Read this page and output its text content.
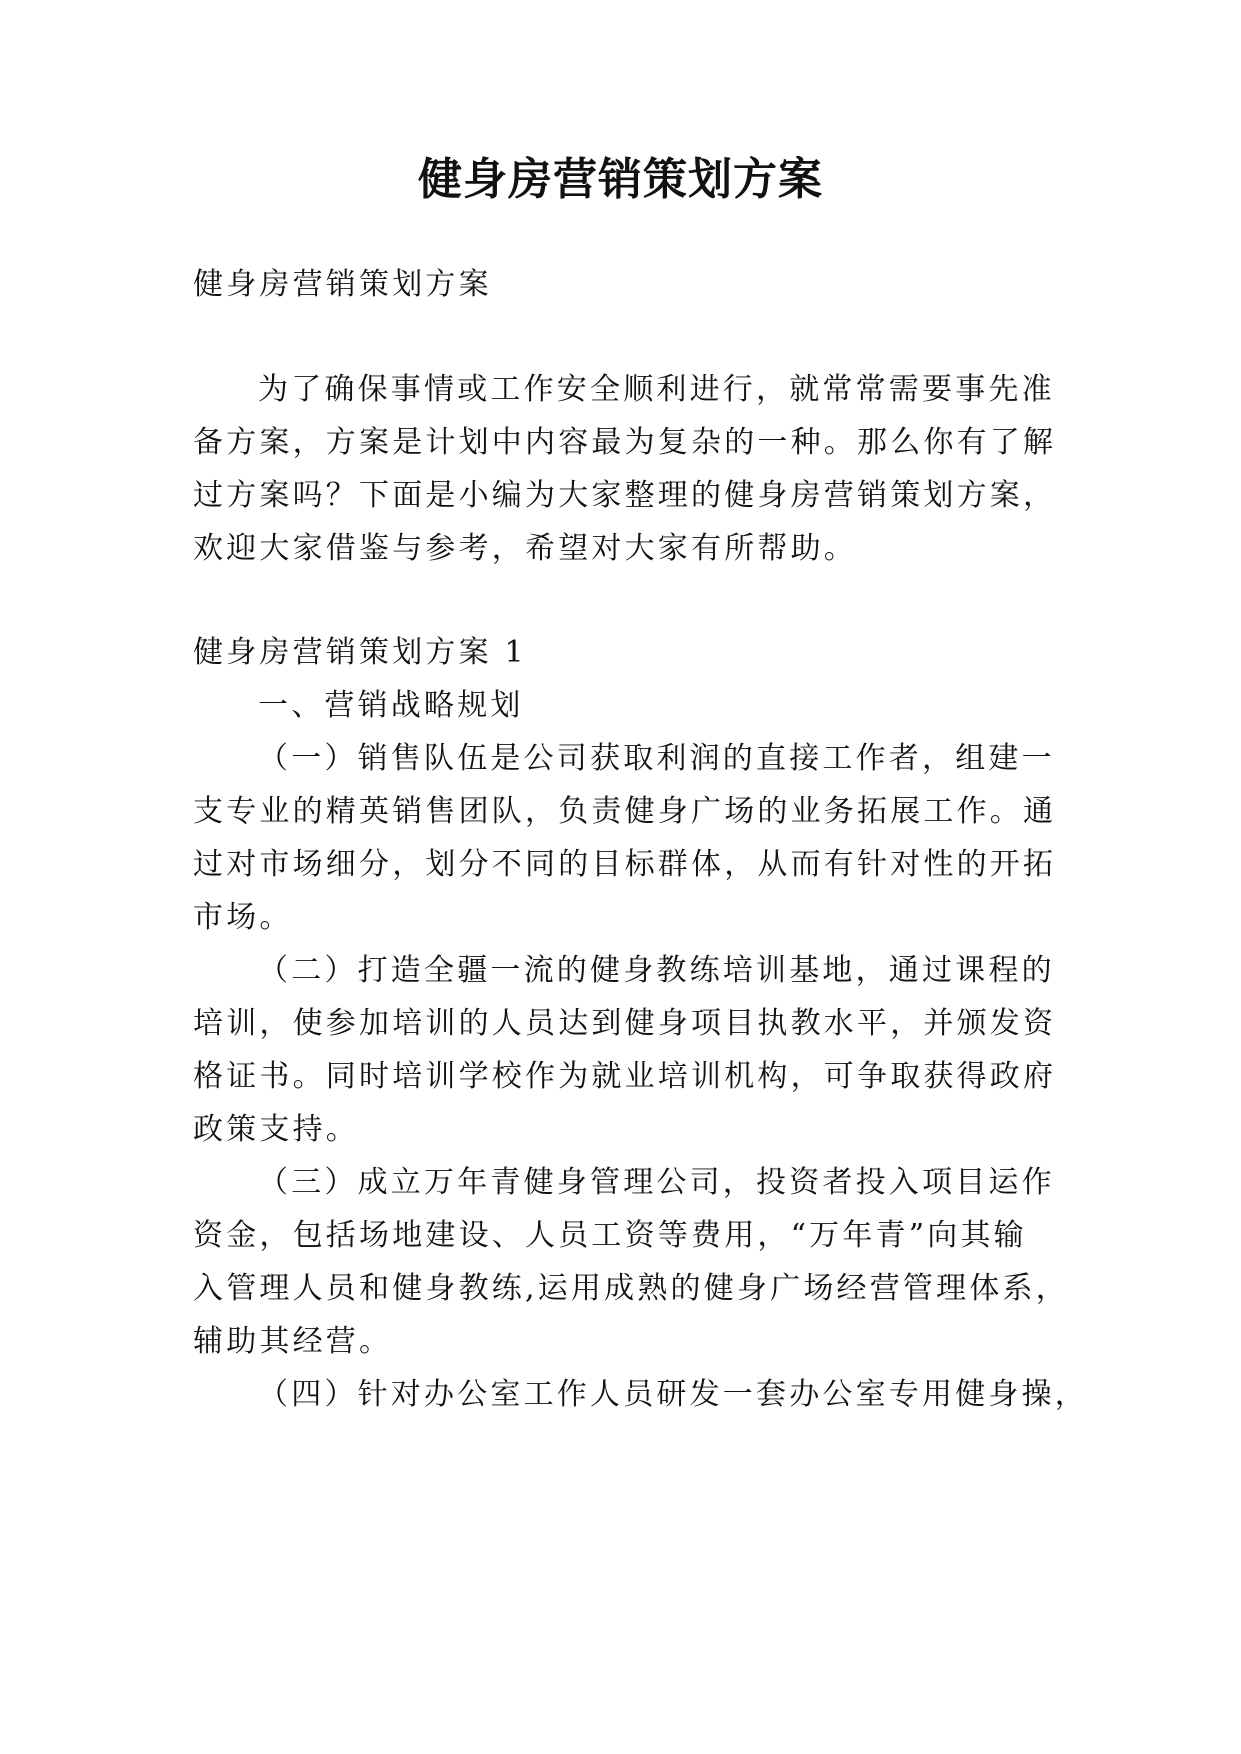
健身房营销策划方案
健身房营销策划方案
为了确保事情或工作安全顺利进行，就常常需要事先准
备方案，方案是计划中内容最为复杂的一种。那么你有了解
过方案吗？下面是小编为大家整理的健身房营销策划方案，
欢迎大家借鉴与参考，希望对大家有所帮助。
健身房营销策划方案 1
一、营销战略规划
（一）销售队伍是公司获取利润的直接工作者，组建一
支专业的精英销售团队，负责健身广场的业务拓展工作。通
过对市场细分，划分不同的目标群体，从而有针对性的开拓
市场。
（二）打造全疆一流的健身教练培训基地，通过课程的
培训，使参加培训的人员达到健身项目执教水平，并颁发资
格证书。同时培训学校作为就业培训机构，可争取获得政府
政策支持。
（三）成立万年青健身管理公司，投资者投入项目运作
资金，包括场地建设、人员工资等费用，“万年青”向其输
入管理人员和健身教练,运用成熟的健身广场经营管理体系，
辅助其经营。
（四）针对办公室工作人员研发一套办公室专用健身操，
